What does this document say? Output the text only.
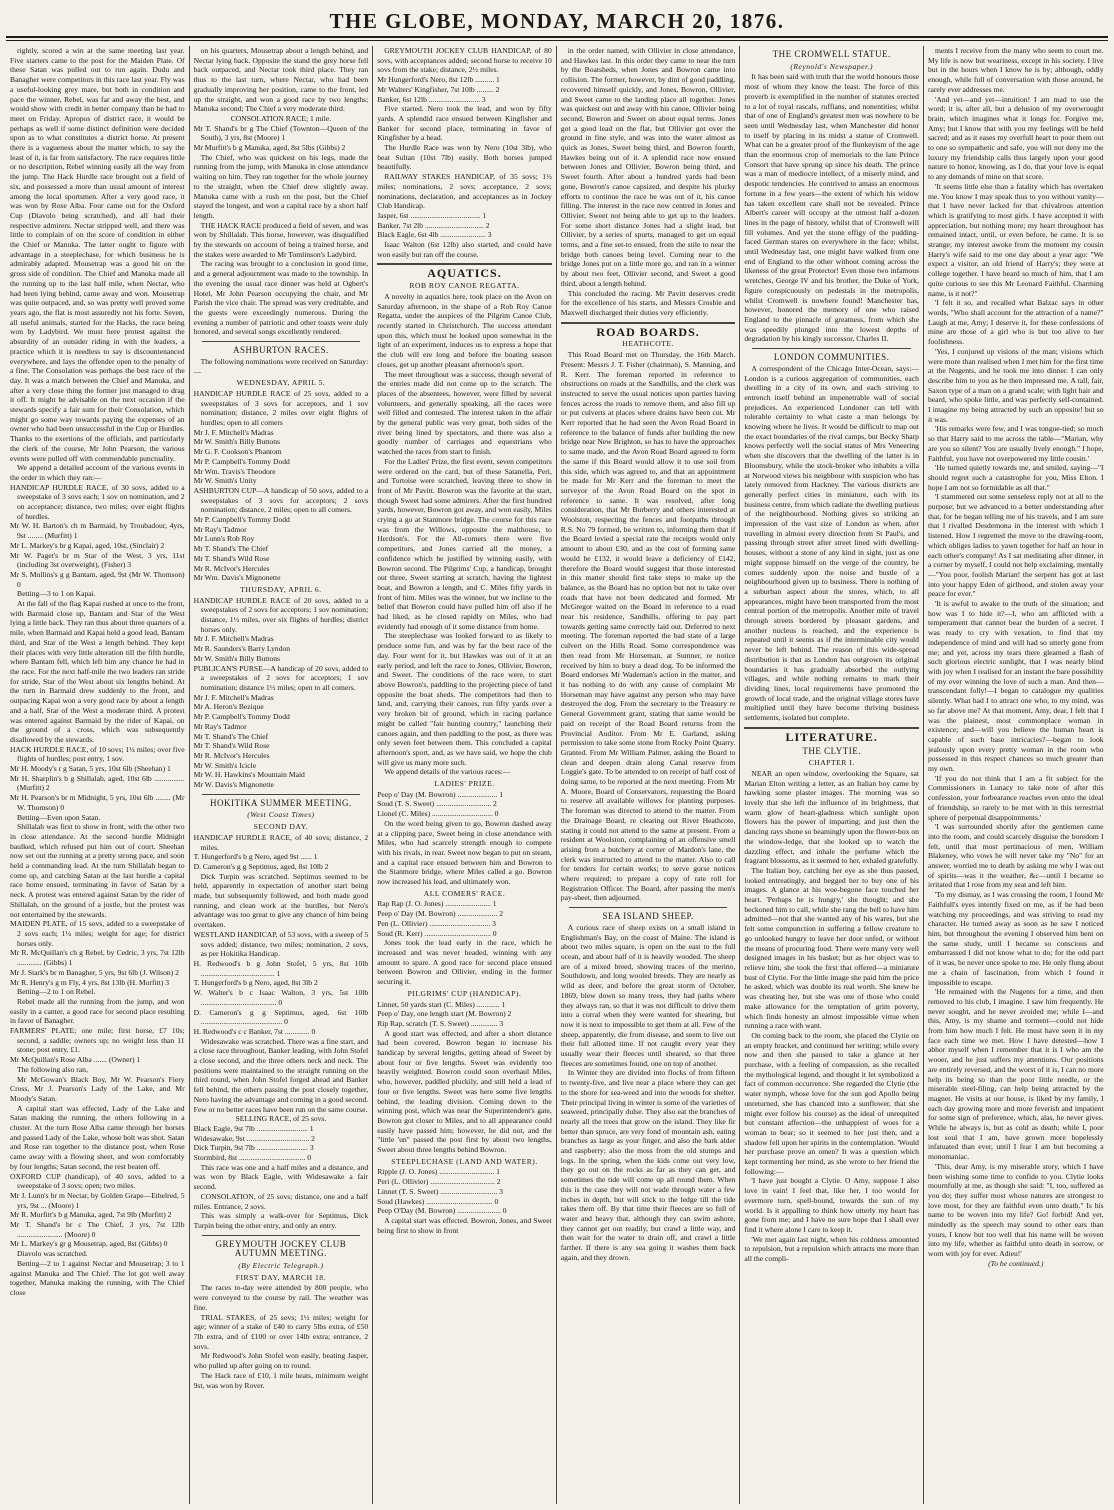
THE GLOBE, MONDAY, MARCH 20, 1876.

rightly, scored a win at the same meeting last year. Five starters came to the post for the Maiden Plate. Of these Satan was pulled out to run again. Dudu and Banagher were competitors in this race last year. Fly was a useful-looking grey mare, but both in condition and pace the winner, Rebel, was far and away the best, and would show with credit in better company than he had to meet on Friday. Apropos of district race, it would be perhaps as well if some distinct definition were decided upon as to what constitutes a district horse. At present there is a vagueness about the matter which, to say the least of it, is far from satisfactory. The race requires little or no description, Rebel winning easily all the way from the jump. The Hack Hurdle race brought out a field of six, and possessed a more than usual amount of interest among the local sportsmen. After a very good race, it was won by Rose Alba. Four came out for the Oxford Cup (Diavolo being scratched), and all had their respective admirers. Nectar stripped well, and there was little to complain of on the score of condition in either the Chief or Manuka. The latter ought to figure with advantage in a steeplechase, for which business he is admirably adapted. Mousetrap was a good bit on the gross side of condition. The Chief and Manuka made all the running up to the last half mile, when Nectar, who had been lying behind, came away and won. Mousetrap was quite outpaced, and, so was pretty well proved some years ago, the flat is most assuredly not his forte. Seven, all useful animals, started for the Hacks, the race being won by Ladybird. We must here protest against the absurdity of an outsider riding in with the leaders, a practice which it is needless to say is discountenanced everywhere, and lays the offender open to the penalty of a fine. The Consolation was perhaps the best race of the day. It was a match between the Chief and Manuka, and after a very close thing the former just managed to drag it off. It might be advisable on the next occasion if the stewards specify a fair sum for their Consolation, which might go some way towards paying the expenses of an owner who had been unsuccessful in the Cup or Hurdles. Thanks to the exertions of the officials, and particularly the clerk of the course, Mr John Pearson, the various events were pulled off with commendable punctuality.

We append a detailed account of the various events in the order in which they ran:—

HANDICAP HURDLE RACE, of 30 sovs, added to a sweepstake of 3 sovs each; 1 sov on nomination, and 2 on acceptance; distance, two miles; over eight flights of hurdles.

Mr W. H. Barton's ch m Barmaid, by Troubadour, 4yrs, 9st ........ (Murfitt) 1

Mr L. Markey's br g Kapai, aged, 10st, (Sinclair) 2

Mr W. Paget's br m Star of the West, 3 yrs, 11st (including 3st overweight), (Fisher) 3

Mr S. Mullins's g g Bantam, aged, 9st (Mr W. Thomson) 0

Betting—3 to 1 on Kapai.

At the fall of the flag Kapai rushed at once to the front, with Barmaid close up, Bantam and Star of the West lying a little back. They ran thus about three quarters of a mile, when Barmaid and Kapai held a good lead, Bantam third, and Star of the West a length behind. They kept their places with very little alteration till the fifth hurdle, where Bantam fell, which left him any chance he had in the race. For the next half-mile the two leaders ran stride for stride, Star of the West about six lengths behind. At the turn in Barmaid drew suddenly to the front, and outpacing Kapai won a very good race by about a length and a half, Star of the West a moderate third. A protest was entered against Barmaid by the rider of Kapai, on the ground of a cross, which was subsequently disallowed by the stewards.

HACK HURDLE RACE, of 10 sovs; 1¼ miles; over five flights of hurdles; post entry, 1 sov.

Mr H. Moody's r g Satan, 5 yrs, 10st 6lb (Sheehan) 1

Mr H. Sharplin's b g Shillalah, aged, 10st 6lb ................ (Murfitt) 2

Mr H. Pearson's br m Midnight, 5 yrs, 10st 6lb ........ (Mr W. Thomson) 0

Betting—Even upon Satan.

Shillalah was first to show in front, with the other two in close attendance. At the second hurdle Midnight baulked, which refused put him out of court. Sheehan now set out the running at a pretty strong pace, and soon held a commanding lead. At the turn Shillalah began to come up, and catching Satan at the last hurdle a capital race home ensued, terminating in favor of Satan by a neck. A protest was entered against Satan by the rider of Shillalah, on the ground of a jostle, but the protest was not entertained by the stewards.

MAIDEN PLATE, of 15 sovs, added to a sweepstake of 2 sovs each; 1¼ miles; weight for age; for district horses only.

Mr R. McQuillan's ch g Rebel, by Cedric, 3 yrs, 7st 12lb ............. (Gibbs) 1

Mr J. Stark's br m Banagher, 5 yrs, 9st 6lb (J. Wilson) 2

Mr R. Henry's g m Fly, 4 yrs, 8st 13lb (H. Murfitt) 3

Betting—2 to 1 on Rebel.

Rebel made all the running from the jump, and won easily in a canter, a good race for second place resulting in favor of Banagher.

FARMERS' PLATE; one mile; first horse, £7 10s; second, a saddle; owners up; no weight less than 11 stone; post entry, £1.

Mr McQuillan's Rose Alba ....... (Owner) 1

The following also ran,

Mr McGowan's Black Boy, Mr W. Pearson's Fiery Cross, Mr J. Pearson's Lady of the Lake, and Mr Moody's Satan.

A capital start was effected, Lady of the Lake and Satan making the running, the others following in a cluster. At the turn Rose Alba came through her horses and passed Lady of the Lake, whose bolt was shot. Satan and Rose ran together to the distance post, when Rose came away with a flowing sheet, and won comfortably by four lengths; Satan second, the rest beaten off.

OXFORD CUP (handicap), of 40 sovs, added to a sweepstake of 3 sovs; open; two miles.

Mr J. Lunn's br m Nectar, by Golden Grape—Ethelred, 5 yrs, 9st ... (Moore) 1

Mr R. Murfitt's b g Manuka, aged, 7st 9lb (Murfitt) 2

Mr T. Shand's br c The Chief, 3 yrs, 7st 12lb ........................ (Moore) 0

Mr L. Markey's gr g Mousetrap, aged, 8st (Gibbs) 0

Diavolo was scratched.

Betting—2 to 1 against Nectar and Mousetrap; 3 to 1 against Manuka and The Chief. The lot got well away together, Manuka making the running, with The Chief close

on his quarters, Mousetrap about a length behind, and Nectar lying back. Opposite the stand the grey horse fell back outpaced, and Nectar took third place. They ran thus to the last turn, where Nectar, who had been gradually improving her position, came to the front, led up the straight, and won a good race by two lengths; Manuka second; The Chief a very moderate third.

CONSOLATION RACE; 1 mile.

Mr T. Shand's br g The Chief (Townton—Queen of the South), 3 yrs, 8st (Moore) 1

Mr Murfitt's b g Manuka, aged, 8st 5lbs (Gibbs) 2

The Chief, who was quickest on his legs, made the running from the jump, with Manuka in close attendance waiting on him. They ran together for the whole journey to the straight, when the Chief drew slightly away. Manuka came with a rush on the post, but the Chief stayed the longest, and won a capital race by a short half length.

THE HACK RACE produced a field of seven, and was won by Shillalah. This horse, however, was disqualified by the stewards on account of being a trained horse, and the stakes were awarded to Mr Tomlinson's Ladybird.

The racing was brought to a conclusion in good time, and a general adjournment was made to the township. In the evening the usual race dinner was held at Ogbert's Hotel, Mr John Pearson occupying the chair, and Mr Parish the vice chair. The spread was very creditable, and the guests were exceedingly numerous. During the evening a number of patriotic and other toasts were duly honored, and several songs excellently rendered.

ASHBURTON RACES.

The following nominations were received on Saturday:—

WEDNESDAY, APRIL 5.

HANDICAP HURDLE RACE of 25 sovs, added to a sweepstakes of 3 sovs for acceptors, and 1 sov nomination; distance, 2 miles over eight flights of hurdles; open to all comers

Mr J. F. Mitchell's Madras

Mr W. Smith's Billy Buttons

Mr G. F. Cookson's Phantom

Mr P. Campbell's Tommy Dodd

Mr Wm. Travis's Theodore

Mr W. Smith's Unity

ASHBURTON CUP—A handicap of 50 sovs, added to a sweepstakes of 3 sovs for acceptors; 2 sovs nomination; distance, 2 miles; open to all comers.

Mr P. Campbell's Tommy Dodd

Mr Ray's Tadmor

Mr Lunn's Rob Roy

Mr T. Shand's The Chief

Mr T. Shand's Wild Rose

Mr R. McIvor's Hercules

Mr Wm. Davis's Mignonette

THURSDAY, APRIL 6.

HANDICAP HURDLE RACE of 20 sovs, added to a sweepstakes of 2 sovs for acceptors; 1 sov nomination; distance, 1½ miles, over six flights of hurdles; district horses only.

Mr J. F. Mitchell's Madras

Mr R. Saunders's Barry Lyndon

Mr W. Smith's Billy Buttons

PUBLICAN'S PURSE—A handicap of 20 sovs, added to a sweepstakes of 2 sovs for acceptors; 1 sov nomination; distance 1½ miles; open to all comers.

Mr J. F. Mitchell's Madras

Mr A. Heron's Bezique

Mr P. Campbell's Tommy Dodd

Mr Ray's Tadmor

Mr T. Shand's The Chief

Mr T. Shand's Wild Rose

Mr R. McIvor's Hercules

Mr W. Smith's Icicle

Mr W. H. Hawkins's Mountain Maid

Mr W. Davis's Mignonette

HOKITIKA SUMMER MEETING.
(West Coast Times)
SECOND DAY.

HANDICAP HURDLE RACE, of 40 sovs; distance, 2 miles.

T. Hungerford's b g Nero, aged 9st ...... 1

D. Cameron's g g Septimus, aged, 8st 10lb 2

Dick Turpin was scratched. Septimus seemed to be held, apparently in expectation of another start being made, but subsequently followed, and both made good running, and clean work at the hurdles, but Nero's advantage was too great to give any chance of him being overtaken.

WESTLAND HANDICAP, of 53 sovs, with a sweep of 5 sovs added; distance, two miles; nomination, 2 sovs, as per Hokitika Handicap.

H. Redwood's b g John Stofel, 5 yrs, 8st 10lb ....................................... 1

T. Hungerford's b g Nero, aged, 8st 3lb 2

W. Walter's b c Isaac Walton, 3 yrs, 5st 10lb ........................................ 0

D. Cameron's g g Septimus, aged, 6st 10lb ........................................... 0

H. Redwood's c c Banker, 7st ............. 0

Widesawake was scratched. There was a fine start, and a close race throughout, Banker leading, with John Stofel a close second, and the three others neck and neck. The positions were maintained to the straight running on the third round, when John Stofel forged ahead and Banker fell behind, the others passing the post closely together, Nero having the advantage and coming in a good second. Few or no better races have been run on the same course.

SELLING RACE, of 25 sovs.

Black Eagle, 9st 7lb ........................... 1

Widesawake, 9st ................................. 2

Dick Turpin, 9st 7lb ........................... 3

Stormbird, 8st ................................... 0

This race was one and a half miles and a distance, and was won by Black Eagle, with Widesawake a fair second.

CONSOLATION, of 25 sovs; distance, one and a half miles. Entrance, 2 sovs.

This was simply a walk-over for Septimus, Dick Turpin being the other entry, and only an entry.

GREYMOUTH JOCKEY CLUB AUTUMN MEETING.
(By Electric Telegraph.)
FIRST DAY, MARCH 18.

The races to-day were attended by 800 people, who were conveyed to the course by rail. The weather was fine.

TRIAL STAKES, of 25 sovs; 1½ miles; weight for age; winner of a stake of £40 to carry 5lbs extra, of £50 7lb extra, and of £100 or over 14lb extra; entrance, 2 sovs.

Mr Redwood's John Stofel won easily, beating Jasper, who pulled up after going on to round.

The Hack race of £10, 1 mile heats, minimum weight 9st, was won by Rover.

GREYMOUTH JOCKEY CLUB HANDICAP, of 80 sovs, with acceptances added; second horse to receive 10 sovs from the stake; distance, 2½ miles.

Mr Hungerford's Nero, 8st 12lb .......... 1

Mr Walters' Kingfisher, 7st 10lb ......... 2

Banker, 6st 12lb ........................... 3

Five started. Nero took the lead, and won by fifty yards. A splendid race ensued between Kingfisher and Banker for second place, terminating in favor of Kingfisher by a head.

The Hurdle Race was won by Nero (10st 3lb), who beat Sultan (10st 7lb) easily. Both horses jumped beautifully.

RAILWAY STAKES HANDICAP, of 35 sovs; 1½ miles; nominations, 2 sovs; acceptance, 2 sovs; nominations, declaration, and acceptances as in Jockey Club Handicap.

Jasper, 6st ..................................... 1

Banker, 7st 2lb ............................... 2

Black Eagle, 6st 4lb ........................ 3

Isaac Walton (6st 12lb) also started, and could have won easily but ran off the course.

AQUATICS.
ROB ROY CANOE REGATTA.

A novelty in aquatics here, took place on the Avon on Saturday afternoon, in the shape of a Rob Roy Canoe Regatta, under the auspices of the Pilgrim Canoe Club, recently started in Christchurch. The success attendant upon this, which must be looked upon somewhat in the light of an experiment, induces us to express a hope that the club will ere long and before the boating season closes, get up another pleasant afternoon's sport.

The meet throughout was a success, though several of the entries made did not come up to the scratch. The places of the absentees, however, were filled by several volunteers, and generally speaking, all the races were well filled and contested. The interest taken in the affair by the general public was very great, both sides of the river being lined by spectators, and there was also a goodly number of carriages and equestrians who watched the races from start to finish.

For the Ladies' Prize, the first event, seven competitors were ordered on the card, but of these Satanella, Peri, and Tortoise were scratched, leaving three to show in front of Mr Pavitt. Bowron was the favorite at the start, though Sweet had some admirers. After the first hundred yards, however, Bowron got away, and won easily, Miles crying a go at Stanmore bridge. The course for this race was from the Willows, opposite the malthouse, to Herdson's. For the All-comers there were five competitors, and Jones carried all the money, a confidence which he justified by winning easily, with Bowron second. The Pilgrims' Cup, a handicap, brought out three, Sweet starting at scratch, having the lightest boat, and Bowron a length, and C. Miles fifty yards in front of him. Miles was the winner, but we incline to the belief that Bowron could have pulled him off also if he had liked, as he closed rapidly on Miles, who had evidently had enough of it some distance from home.

The steeplechase was looked forward to as likely to produce some fun, and was by far the best race of the day. Four went for it, but Hawkes was out of it at an early period, and left the race to Jones, Ollivier, Bowron, and Sweet. The conditions of the race were, to start above Bowron's, paddling to the projecting piece of land opposite the boat sheds. The competitors had then to land, and, carrying their canoes, run fifty yards over a very broken bit of ground, which in racing parlance might be called "fair hunting country," launching their canoes again, and then paddling to the post, as there was only seven feet between them. This concluded a capital afternoon's sport, and, as we have said, we hope the club will give us many more such.

We append details of the various races:—

LADIES' PRIZE.

Peep o' Day (M. Bowron) ..................... 1

Soud (T. S. Sweet) ............................. 2

Lionel (C. Miles) ................................ 0

On the word being given to go, Bowron dashed away at a clipping pace, Sweet being in close attendance with Miles, who had scarcely strength enough to compete with his rivals, in rear. Sweet now began to put on steam, and a capital race ensued between him and Bowron to the Stanmore bridge, where Miles called a go. Bowron now increased his lead, and ultimately won.

ALL COMERS' RACE.

Rap Rap (J. O. Jones) ........................ 1

Peep o' Day (M. Bowron) ..................... 2

Pen (L. Ollivier) ................................ 3

Soud (R. Kerr) ................................... 0

Jones took the lead early in the race, which he increased and was never headed, winning with any amount to spare. A good race for second place ensued between Bowron and Ollivier, ending in the former securing it.

PILGRIMS' CUP (HANDICAP).

Linnet, 50 yards start (C. Miles) ............ 1

Peep o' Day, one length start (M. Bowron) 2

Rip Rap, scratch (T. S. Sweet) .............. 3

A good start was effected, and after a short distance had been covered, Bowron began to increase his handicap by several lengths, getting ahead of Sweet by about four or five lengths. Sweet was evidently too heavily weighted. Bowron could soon overhaul Miles, who, however, paddled pluckily, and still held a lead of four or five lengths. Sweet was here some five lengths behind, the leading division. Coming down to the winning post, which was near the Superintendent's gate, Bowron got closer to Miles, and to all appearance could easily have passed him; however, he did not, and the "little 'un" passed the post first by about two lengths, Sweet about three lengths behind Bowron.

STEEPLECHASE (LAND AND WATER).

Ripple (J. O. Jones) ............................. 1

Peri (L. Ollivier) .................................. 2

Linnet (T. S. Sweet) .............................. 3

Soud (Hawkes) ................................... 0

Peep O'Day (M. Bowron) ....................... 0

A capital start was effected. Bowron, Jones, and Sweet being first to show in front

in the order named, with Ollivier in close attendance, and Hawkes last. In this order they came to near the turn by the Boatsheds, when Jones and Bowron came into collision. The former, however, by dint of good paddling, recovered himself quickly, and Jones, Bowron, Ollivier, and Sweet came to the landing place all together. Jones was quickest out and away with his canoe, Ollivier being second, Bowron and Sweet on about equal terms. Jones got a good lead on the flat, but Ollivier got over the ground in fine style, and was into the water almost as quick as Jones, Sweet being third, and Bowron fourth, Hawkes being out of it. A splendid race now ensued between Jones and Ollivier, Bowron being third, and Sweet fourth. After about a hundred yards had been gone, Bowron's canoe capsized, and despite his plucky efforts to continue the race he was out of it, his canoe filling. The interest in the race now centred in Jones and Ollivier, Sweet not being able to get up to the leaders. For some short distance Jones had a slight lead, but Ollivier, by a series of spurts, managed to get on equal terms, and a fine set-to ensued, from the stile to near the bridge both canoes being level. Coming near to the bridge Jones put on a little more go, and ran in a winner by about two feet, Ollivier second, and Sweet a good third, about a length behind.

This concluded the racing. Mr Pavitt deserves credit for the excellence of his starts, and Messrs Crosbie and Maxwell discharged their duties very efficiently.

ROAD BOARDS.
HEATHCOTE.

This Road Board met on Thursday, the 16th March. Present: Messrs J. T. Fisher (chairman), S. Manning, and R. Kerr. The foreman reported in reference to obstructions on roads at the Sandhills, and the clerk was instructed to serve the usual notices upon parties having fences across the roads to remove them, and also fill up or put culverts at places where drains have been cut. Mr Kerr reported that he had seen the Avon Road Board in reference to the balance of funds after building the new bridge near New Brighton, so has to have the approaches to same made, and the Avon Road Board agreed to form the same if this Board would allow it to use soil from this side, which was agreed to, and that an appointment be made for Mr Kerr and the foreman to meet the surveyor of the Avon Road Board on the spot in reference to same. It was resolved, after long consideration, that Mr Burberry and others interested at Woolston, respecting the fences and footpaths through R.S. No 79 formed, be written to, informing them that if the Board levied a special rate the receipts would only amount to about £30, and as the cost of forming same would be £132, it would leave a deficiency of £142, therefore the Board would suggest that those interested in this matter should first take steps to make up the balance, as the Board has no option but not to take over roads that have not been dedicated and formed. Mr McGregor waited on the Board in reference to a road near his residence, Sandhills, offering to pay part towards getting same correctly laid out. Deferred to next meeting. The foreman reported the bad state of a large culvert on the Hills Road. Some correspondence was then read from Mr Horseman, at Sumner, re notice received by him to bury a dead dog. To be informed the Board endorses Mr Wademan's action in the matter, and it has nothing to do with any cause of complaint Mr Horseman may have against any person who may have destroyed the dog. From the secretary to the Treasury re General Government grant, stating that same would be paid on receipt of the Road Board returns from the Provincial Auditor. From Mr E. Garland, asking permission to take some stone from Rocky Point Quarry. Granted. From Mr William Palmer, asking the Board to clean and deepen drain along Canal reserve from Loggie's gate. To be attended to on receipt of half cost of doing same, to be reported at the next meeting. From Mr A. Moore, Board of Conservators, requesting the Board to reserve all available willows for planting purposes. The foreman was directed to attend to the matter. From the Drainage Board, re clearing out River Heathcote, stating it could not attend to the same at present. From a resident at Woolston, complaining of an offensive smell arising from a butchery at corner of Mardon's lane, the clerk was instructed to attend to the matter. Also to call for tenders for certain works; to serve gorse notices where required; to prepare a copy of rate roll for Registration Officer. The Board, after passing the men's pay-sheet, then adjourned.

SEA ISLAND SHEEP.

A curious race of sheep exists on a small island in Englishman's Bay, on the coast of Maine. The island is about two miles square, is open on the east to the full ocean, and about half of it is heavily wooded. The sheep are of a mixed breed, showing traces of the merino, Southdown, and long wooled breeds. They are nearly as wild as deer, and before the great storm of October, 1869, blew down so many trees, they had paths where they always ran, so that it was not difficult to drive them into a corral when they were wanted for shearing, but now it is next to impossible to get them at all. Few of the sheep, apparently, die from disease, and seem to live out their full allotted time. If not caught every year they usually wear their fleeces until sheared, so that three fleeces are sometimes found, one on top of another.

In Winter they are divided into flocks of from fifteen to twenty-five, and live near a place where they can get to the shore for sea-weed and into the woods for shelter. Their principal living in winter is some of the varieties of seaweed, principally dulse. They also eat the branches of nearly all the trees that grow on the island. They like fir better than spruce, are very fond of mountain ash, eating branches as large as your finger, and also the bark alder and raspberry; also the moss from the old stumps and logs. In the spring, when the kids come out very low, they go out on the rocks as far as they can get, and sometimes the tide will come up all round them. When this is the case they will not wade through water a few inches in depth, but will stick to the ledge till the tide takes them off. By that time their fleeces are so full of water and heavy that, although they can swim ashore, they cannot get out readily, but crawl a little way, and then wait for the water to drain off, and crawl a little farther. If there is any sea going it washes them back again, and they drown.

THE CROMWELL STATUE.
(Reynold's Newspaper.)

It has been said with truth that the world honours those most of whom they know the least. The force of this proverb is exemplified in the number of statutes erected to a lot of royal rascals, ruffians, and nonentities; whilst that of one of England's greatest men was nowhere to be seen until Wednesday last, when Manchester did honor to itself by placing in its midst a statue of Cromwell. What can be a greater proof of the flunkeyism of the age than the enormous crop of memorials to the late Prince Consort that have sprung up since his death. The prince was a man of mediocre intellect, of a miserly mind, and despotic tendencies. He contrived to amass an enormous fortune in a few years—the extent of which his widow has taken excellent care shall not be revealed. Prince Albert's career will occupy at the utmost half a-dozen lines in the page of history, whilst that of Cromwell will fill volumes. And yet the stone effigy of the pudding-faced German stares on everywhere in the face; whilst, until Wednesday last, one might have walked from one end of England to the other without coming across the likeness of the great Protector! Even those two infamous wretches, George IV and his brother, the Duke of York, figure conspicuously on pedestals in the metropolis, whilst Cromwell is nowhere found! Manchester has, however, honored the memory of one who raised England to the pinnacle of greatness, from which she was speedily plunged into the lowest depths of degradation by his kingly successor, Charles II.

LONDON COMMUNITIES.

A correspondent of the Chicago Inter-Ocean, says:—London is a curious aggregation of communities, each dwelling in a city of its own, and each striving to entrench itself behind an impenetrable wall of social prejudices. An experienced Londoner can tell with tolerable certainty to what caste a man belongs by knowing where he lives. It would be difficult to map out the exact boundaries of the rival camps, but Becky Sharp knows perfectly well the social status of Mrs Veneering when she discovers that the dwelling of the latter is in Bloomsbury, while the stock-broker who inhabits a villa at Norwood views his neighbour with suspicion who has lately removed from Hackney. The various districts are generally perfect cities in miniature, each with its business centre, from which radiate the dwelling purlieus of the neighbourhood. Nothing gives so striking an impression of the vast size of London as when, after travelling in almost every direction from St Paul's, and passing through street after street lined with dwelling-houses, without a stone of any kind in sight, just as one might suppose himself on the verge of the country, he comes suddenly upon the noise and bustle of a neighbourhood given up to business. There is nothing of a suburban aspect about the stores, which, to all appearances, might have been transported from the most central portion of the metropolis. Another mile of travel through streets bordered by pleasant gardens, and another nucleus is reached, and the experience is repeated until it seems as if the interminable city would never be left behind. The reason of this wide-spread distribution is that as London has outgrown its original boundaries it has gradually absorbed the outlying villages, and while nothing remains to mark their dividing lines, local requirements have promoted the growth of local trade, and the original village stores have multiplied until they have become thriving business settlements, isolated but complete.

LITERATURE.
THE CLYTIE.
CHAPTER I.

NEAR an open window, overlooking the Square, sat Marian Elton writing a letter, as an Italian boy came by hawking some plaster images. The morning was so lovely that she left the influence of its brightness, that warm glow of heart-gladness which sunlight upon flowers has the power of imparting; and just then the dancing rays shone so beamingly upon the flower-box on the window-ledge, that she looked up to watch the dazzling effect, and inhale the perfume which the fragrant blossoms, as it seemed to her, exhaled gratefully.

The Italian boy, catching her eye as she thus paused, looked entreatingly, and begged her to buy one of his images. A glance at his woe-begone face touched her heart. 'Perhaps he is hungry,' she thought; and she beckoned him to call, while she rang the bell to have him admitted—not that she wanted any of his wares, but she felt some compunction in suffering a fellow creature to go unlooked hungry to leave her door unfed, or without the means of procuring food. There were many very well designed images in his basket; but as her object was to relieve him, she took the first that offered—a miniature bust of Clytie. For the little image she paid him the price he asked, which was double its real worth. She knew he was cheating her, but she was one of those who could make allowance for the temptation of grim poverty, which finds honesty an almost impossible virtue when running a race with want.

On coming back to the room, she placed the Clytie on an empty bracket, and continued her writing; while every now and then she paused to take a glance at her purchase, with a feeling of compassion, as she recalled the mythological legend, and thought it let symbolized a fact of common occurrence. She regarded the Clytie (the water nymph, whose love for the sun god Apollo being unreturned, she has chanced into a sunflower, that she might ever follow his course) as the ideal of unrequited but constant affection—the unhappiest of woes for a woman to bear; so it seemed to her just then, and a shadow fell upon her spirits in the contemplation. 'Would her purchase prove an omen? It was a question which kept tormenting her mind, as she wrote to her friend the following:—

'I have just bought a Clytie. O Amy, suppose I also love in vain! I feel that, like her, I too would for evermore turn, spell-bound, towards the sun of my world. Is it appalling to think how utterly my heart has gone from me; and I have no sure hope that I shall ever find it where alone I care to keep it.

'We met again last night, when his coldness amounted to repulsion, but a repulsion which attracts me more than all the compli-

ments I receive from the many who seem to court me. My life is now but weariness, except in his society. I live but in the hours when I know he is by; although, oddly enough, while full of conversation with those around, he rarely ever addresses me.

'And yet—and yet—intuition! I am mad to use the word; it is, after all, but a delusion of my overwrought brain, which imagines what it longs for. Forgive me, Amy; but I know that with you my feelings will be held sacred; and as it eases my overfull heart to pour them out to one so sympathetic and safe, you will not deny me the luxury my friendship calls thus largely upon your good nature to honor, knowing, as I do, that your love is equal to any demands of mine on that score.

'It seems little else than a fatality which has overtaken me. You know I may speak thus to you without vanity—that I have never lacked for that chivalrous attention which is gratifying to most girls. I have accepted it with appreciation, but nothing more; my heart throughout has remained intact, until, or even before, he came. It is so strange; my interest awoke from the moment my cousin Harry's wife said to me one day about a year ago: "We expect a visitor, an old friend of Harry's; they were at college together. I have heard so much of him, that I am quite curious to see this Mr Leonard Faithful. Charming name, is it not?"

'I felt it so, and recalled what Balzac says in other words, "Who shall account for the attraction of a name?" Laugh at me, Amy; I deserve it, for these confessions of mine are those of a girl who is but too alive to her foolishness.

'Yes, I conjured up visions of the man; visions which were more than realised when I met him for the first time at the Nugents, and he took me into dinner. I can only describe him to you as he then impressed me. A tall, fair, Saxon type of a man on a grand scale; with light hair and beard, who spoke little, and was perfectly self-contained. I imagine my being attracted by such an opposite! but so it was.

'His remarks were few, and I was tongue-tied; so much so that Harry said to me across the table—"Marian, why are you so silent? You are usually lively enough." I hope, Faithful, you have not overpowered my little cousin.'

'He turned quietly towards me, and smiled, saying—"I should regret such a catastrophe for you, Miss Elton. I hope I am not so formidable as all that."

'I stammered out some senseless reply not at all to the purpose; but we advanced to a better understanding after that, for he began telling me of his travels, and I am sure that I rivalled Desdemona in the interest with which I listened. How I regretted the move to the drawing-room, which obliges ladies to yawn together for half an hour in each other's company! As I sat meditating after dinner, in a corner by myself, I could not help exclaiming, mentally—"You poor, foolish Marian! the serpent has got at last into your happy Eden of girlhood, and stolen away your peace for ever."

'It is awful to awake to the truth of the situation; and how was I to hide it?—I, who am afflicted with a temperament that cannot bear the burden of a secret. I was ready to cry with vexation, to find that my independence of mind and will had so utterly gone from me; and yet, across my tears there gleamed a flash of such glorious electric sunlight, that I was nearly blind with joy when I realised for an instant the bare possibility of my ever winning the love of such a man. And then—transcendant folly!—I began to catalogue my qualities silently. What had I to attract one who, to my mind, was so far above me? At that moment, Amy, dear, I felt that I was the plainest, most commonplace woman in existence; and—will you believe the human heart is capable of such base intricacies?—began to look jealously upon every pretty woman in the room who possessed in this respect chances so much greater than my own.

'If you do not think that I am a fit subject for the Commissioners in Lunacy to take note of after this confession, your forbearance reaches even unto the ideal of friendship, so rarely to be met with in this terrestrial sphere of perpetual disappointments.'

'I was surrounded shortly after the gentlemen came into the room, and could scarcely disguise the boredom I felt, until that most pertinacious of men, William Blakeney, who vows he will never take my "No" for an answer, worried me to death by asking me why I was out of spirits—was it the weather, &c—until I became so irritated that I rose from my seat and left him.

'To my dismay, as I was crossing the room, I found Mr Faithfull's eyes intently fixed on me, as if he had been watching my proceedings, and was striving to read my character. He turned away as soon as he saw I noticed him, but throughout the evening I observed him bent on the same study, until I became so conscious and embarrassed I did not know what to do; for the odd part of it was, he never once spoke to me. He only flung about me a chain of fascination, from which I found it impossible to escape.

'He remained with the Nugents for a time, and then removed to his club, I imagine. I saw him frequently. He never sought, and he never avoided me; while I—and this, Amy, is my shame and torment—could not hide from him how much I felt. He must have seen it in my face each time we met. How I have detested—how I abhor myself when I remember that it is I who am the wooer, and he just suffers my attentions. Our positions are entirely reversed, and the worst of it is, I can no more help its being so than the poor little needle, or the miserable steel-filing, can help being attracted by the magnet. He visits at our house, is liked by my family, I each day growing more and more feverish and impatient for some sign of preference, which, alas, he never gives. While he always is, but as cold as death; while I, poor lost soul that I am, have grown more hopelessly infatuated than ever, until I fear I am but becoming a monomaniac.

'This, dear Amy, is my miserable story, which I have been wishing some time to confide to you. Clytie looks mournfully at me, as though she said: "I, too, suffered as you do; they suffer most whose natures are strongest to love most, for they are faithful even unto death." Is his name to be woven into my life? Go! forbid! And yet, mindedly as the speech may sound to other ears than yours, I know but too well that his name will be woven into my life, whether as faithful unto death in sorrow, or worn with joy for ever. Adieu!'

(To be continued.)
